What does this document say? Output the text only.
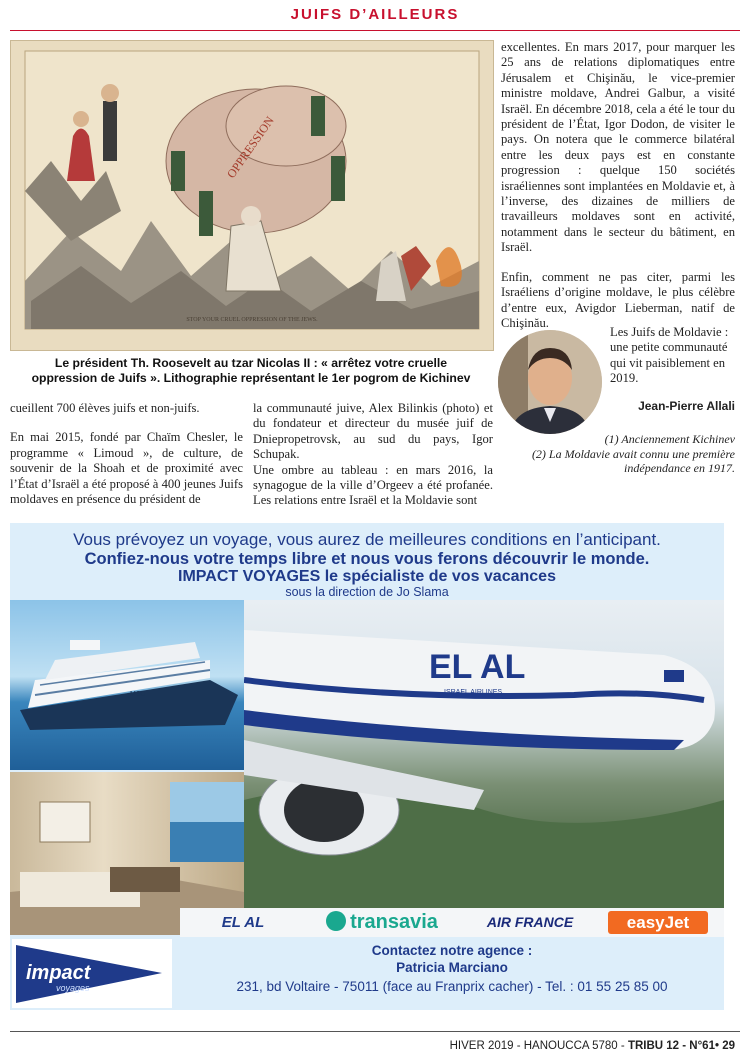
JUIFS D’AILLEURS
OPPRESSION
STOP YOUR CRUEL OPPRESSION OF THE JEWS.
Le président Th. Roosevelt au tzar Nicolas II : « arrêtez votre cruelle
oppression de Juifs ». Lithographie représentant le 1er pogrom de Kichinev

cueillent 700 élèves juifs et non-juifs.

En mai 2015, fondé par Chaïm Chesler, le programme « Limoud », de culture, de souvenir de la Shoah et de proximité avec l’État d’Israël a été proposé à 400 jeunes Juifs moldaves en présence du président de

la communauté juive, Alex Bilinkis (photo) et du fondateur et directeur du musée juif de Dniepropetrovsk, au sud du pays, Igor Schupak.

Une ombre au tableau : en mars 2016, la synagogue de la ville d’Orgeev a été profanée. Les relations entre Israël et la Moldavie sont

excellentes. En mars 2017, pour marquer les 25 ans de relations diplomatiques entre Jérusalem et Chişinău, le vice-premier ministre moldave, Andrei Galbur, a visité Israël. En décembre 2018, cela a été le tour du président de l’État, Igor Dodon, de visiter le pays. On notera que le commerce bilatéral entre les deux pays est en constante progression : quelque 150 sociétés israéliennes sont implantées en Moldavie et, à l’inverse, des dizaines de milliers de travailleurs moldaves sont en activité, notamment dans le secteur du bâtiment, en Israël.

Enfin, comment ne pas citer, parmi les Israéliens d’origine moldave, le plus célèbre d’entre eux, Avigdor Lieberman, natif de Chişinău.

Les Juifs de Moldavie : une petite communauté qui vit paisiblement en 2019.
Jean-Pierre Allali
(1) Anciennement Kichinev
(2) La Moldavie avait connu une première indépendance en 1917.
Vous prévoyez un voyage, vous aurez de meilleures conditions en l’anticipant.
Confiez-nous votre temps libre et nous vous ferons découvrir le monde.
IMPACT VOYAGES le spécialiste de vos vacances
sous la direction de Jo Slama
MSC
EL AL
ISRAEL AIRLINES
EL AL	transavia	AIR FRANCE	easyJet
impact
voyages
Contactez notre agence :
Patricia Marciano
231, bd Voltaire - 75011 (face au Franprix cacher) - Tel. : 01 55 25 85 00
HIVER 2019 - HANOUCCA 5780 - TRIBU 12 - N°61• 29
